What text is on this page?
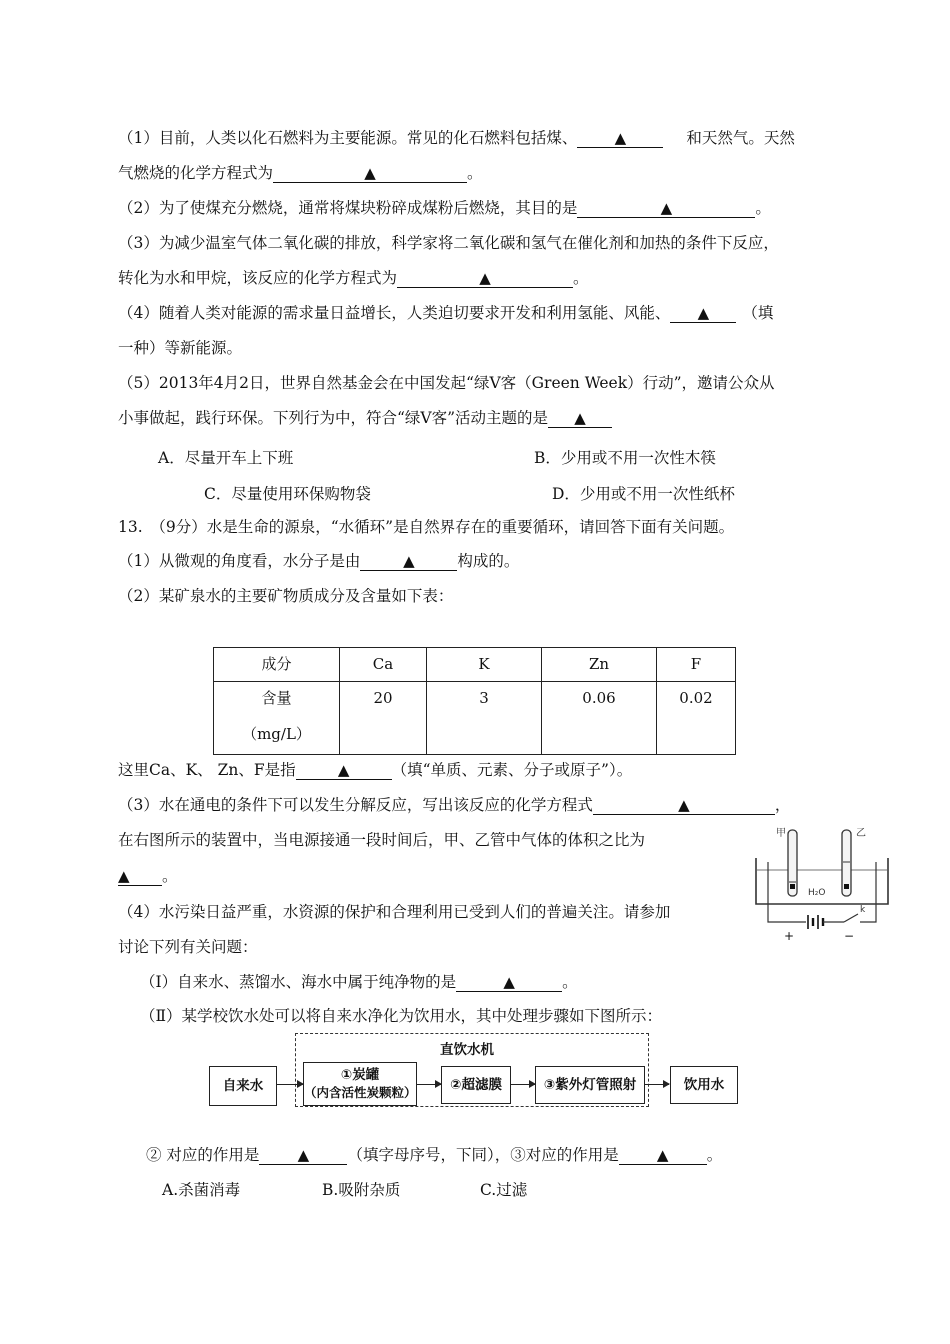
（1）目前，人类以化石燃料为主要能源。常见的化石燃料包括煤、 ▲	和天然气。天然
气燃烧的化学方程式为	▲	。
（2）为了使煤充分燃烧，通常将煤块粉碎成煤粉后燃烧，其目的是	▲	。
（3）为减少温室气体二氧化碳的排放，科学家将二氧化碳和氢气在催化剂和加热的条件下反应，
转化为水和甲烷，该反应的化学方程式为	▲	。
（4）随着人类对能源的需求量日益增长，人类迫切要求开发和利用氢能、风能、 ▲ （填
一种）等新能源。
（5）2013年4月2日，世界自然基金会在中国发起“绿V客（Green Week）行动”，邀请公众从
小事做起，践行环保。下列行为中，符合“绿V客”活动主题的是 ▲
A．尽量开车上下班	B．少用或不用一次性木筷
C．尽量使用环保购物袋	D．少用或不用一次性纸杯
13.　（9分）水是生命的源泉，“水循环”是自然界存在的重要循环，请回答下面有关问题。
（1）从微观的角度看，水分子是由	▲	构成的。
（2）某矿泉水的主要矿物质成分及含量如下表：
成分	Ca	K	Zn	F

含量
（mg/L）	20	3	0.06	0.02
这里Ca、K、 Zn、F是指	▲	（填“单质、元素、分子或原子”）。
（3）水在通电的条件下可以发生分解反应，写出该反应的化学方程式	▲	，
在右图所示的装置中，当电源接通一段时间后，甲、乙管中气体的体积之比为
▲ 。
（4）水污染日益严重，水资源的保护和合理利用已受到人们的普遍关注。请参加
讨论下列有关问题：
（Ⅰ）自来水、蒸馏水、海水中属于纯净物的是	▲	。
（Ⅱ）某学校饮水处可以将自来水净化为饮用水，其中处理步骤如下图所示：
甲	乙
H₂O
+	−
k
直饮水机
自来水
①炭罐
（内含活性炭颗粒）	②超滤膜	③紫外灯管照射	饮用水
② 对应的作用是	▲ （填字母序号，下同），③对应的作用是	▲ 。
A.杀菌消毒	B.吸附杂质	C.过滤
